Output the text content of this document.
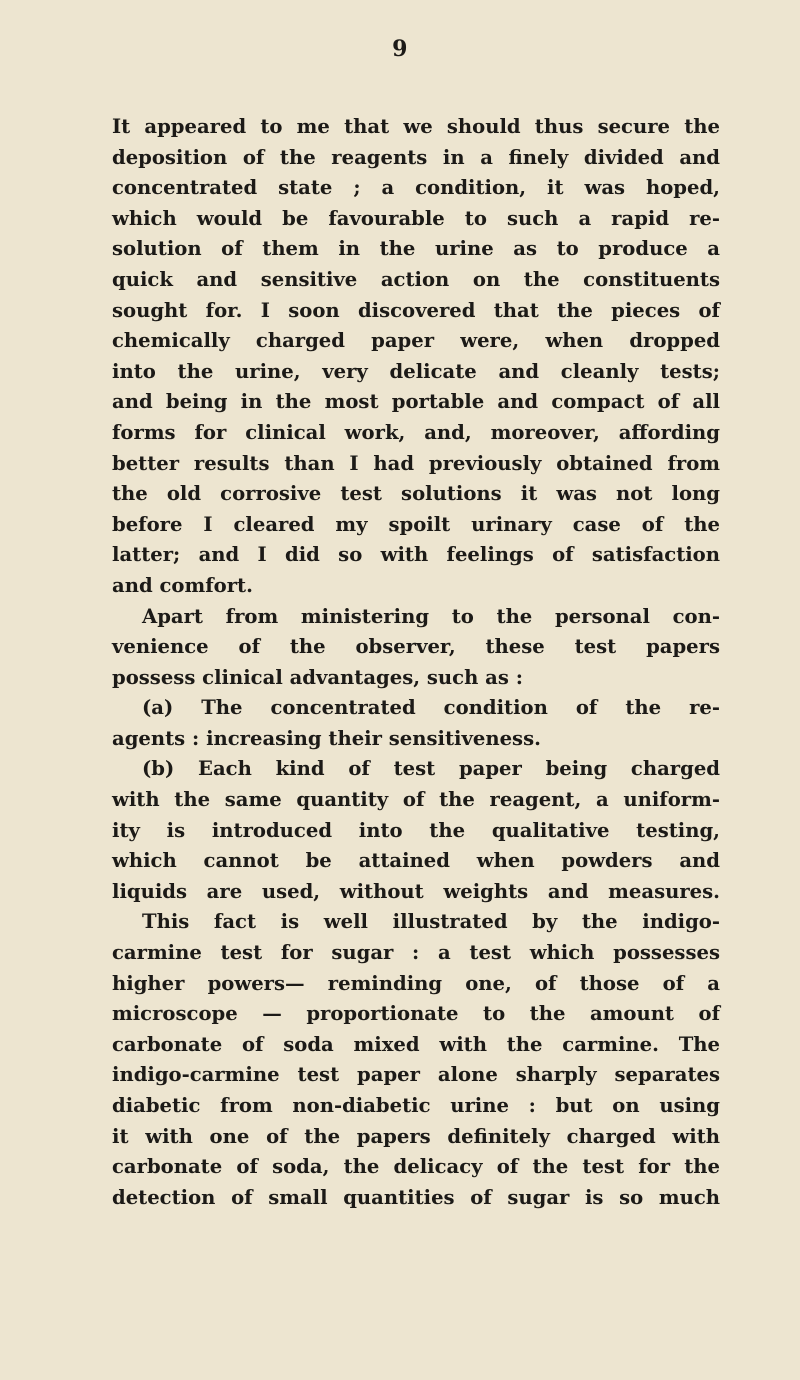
9
It appeared to me that we should thus secure the
deposition of the reagents in a finely divided and
concentrated state ; a condition, it was hoped,
which would be favourable to such a rapid re-
solution of them in the urine as to produce a
quick and sensitive action on the constituents
sought for. I soon discovered that the pieces of
chemically charged paper were, when dropped
into the urine, very delicate and cleanly tests;
and being in the most portable and compact of all
forms for clinical work, and, moreover, affording
better results than I had previously obtained from
the old corrosive test solutions it was not long
before I cleared my spoilt urinary case of the
latter; and I did so with feelings of satisfaction
and comfort.
Apart from ministering to the personal con-
venience of the observer, these test papers
possess clinical advantages, such as :
(a) The concentrated condition of the re-
agents : increasing their sensitiveness.
(b) Each kind of test paper being charged
with the same quantity of the reagent, a uniform-
ity is introduced into the qualitative testing,
which cannot be attained when powders and
liquids are used, without weights and measures.
This fact is well illustrated by the indigo-
carmine test for sugar : a test which possesses
higher powers— reminding one, of those of a
microscope — proportionate to the amount of
carbonate of soda mixed with the carmine. The
indigo-carmine test paper alone sharply separates
diabetic from non-diabetic urine : but on using
it with one of the papers definitely charged with
carbonate of soda, the delicacy of the test for the
detection of small quantities of sugar is so much
